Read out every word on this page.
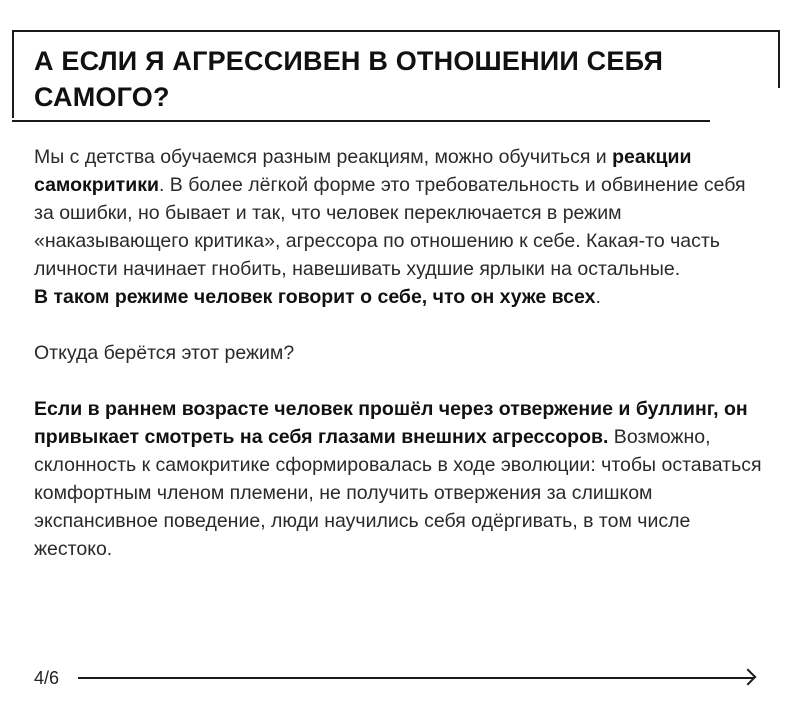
А ЕСЛИ Я АГРЕССИВЕН В ОТНОШЕНИИ СЕБЯ САМОГО?

Мы с детства обучаемся разным реакциям, можно обучиться и реакции самокритики. В более лёгкой форме это требовательность и обвинение себя за ошибки, но бывает и так, что человек переключается в режим «наказывающего критика», агрессора по отношению к себе. Какая-то часть личности начинает гнобить, навешивать худшие ярлыки на остальные.
В таком режиме человек говорит о себе, что он хуже всех.

Откуда берётся этот режим?

Если в раннем возрасте человек прошёл через отвержение и буллинг, он привыкает смотреть на себя глазами внешних агрессоров. Возможно, склонность к самокритике сформировалась в ходе эволюции: чтобы оставаться комфортным членом племени, не получить отвержения за слишком экспансивное поведение, люди научились себя одёргивать, в том числе жестоко.

4/6
